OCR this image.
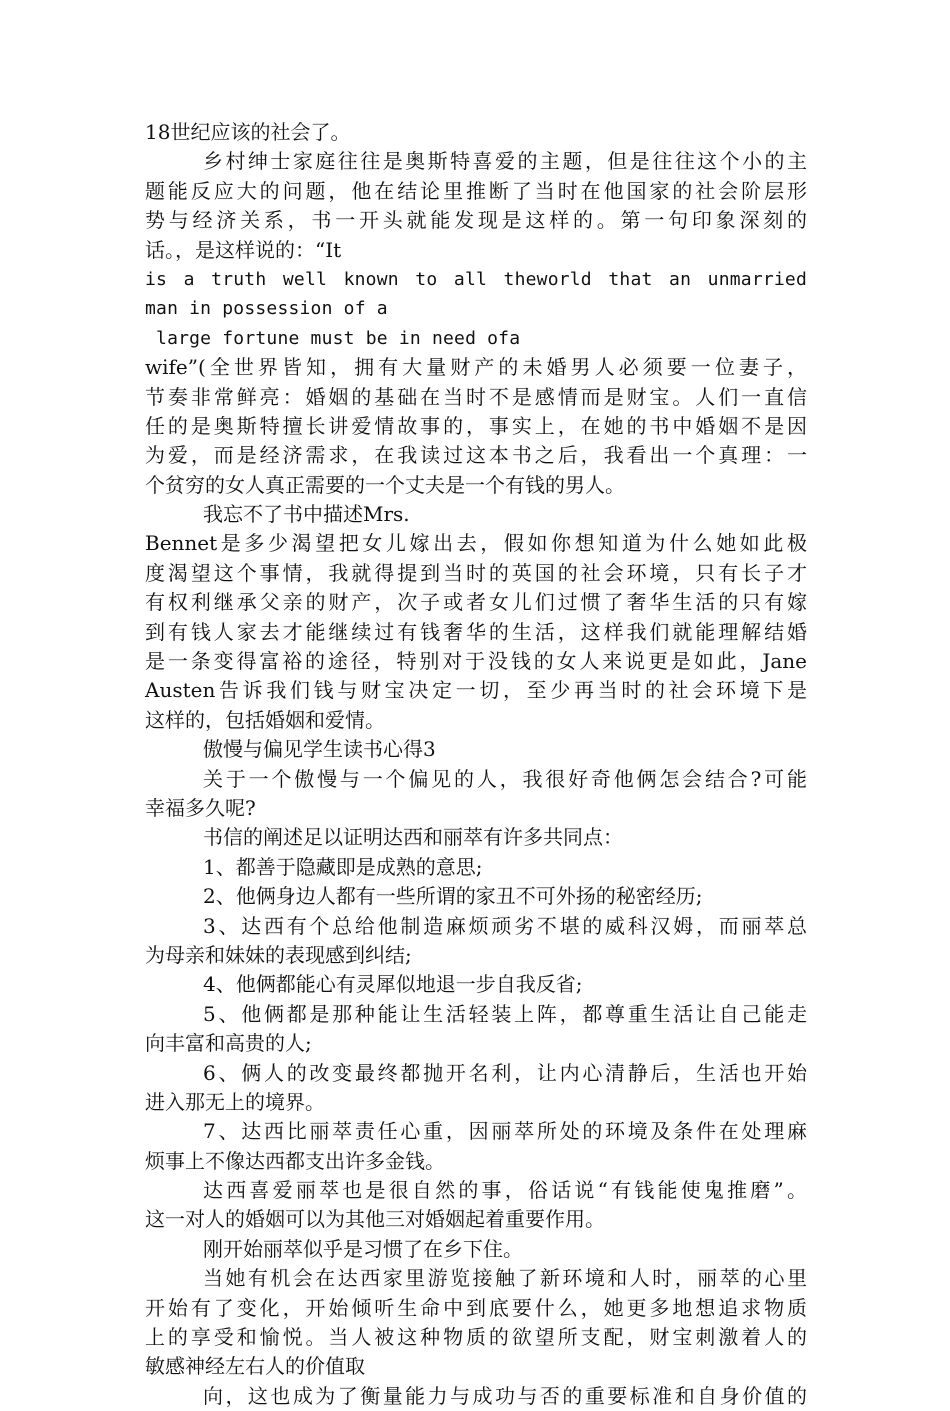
18世纪应该的社会了。
乡村绅士家庭往往是奥斯特喜爱的主题，但是往往这个小的主
题能反应大的问题，他在结论里推断了当时在他国家的社会阶层形
势与经济关系，书一开头就能发现是这样的。第一句印象深刻的
话。，是这样说的：“It
is a truth well known to all theworld that an unmarried
man in possession of a
large fortune must be in need ofa
wife”(全世界皆知，拥有大量财产的未婚男人必须要一位妻子，
节奏非常鲜亮：婚姻的基础在当时不是感情而是财宝。人们一直信
任的是奥斯特擅长讲爱情故事的，事实上，在她的书中婚姻不是因
为爱，而是经济需求，在我读过这本书之后，我看出一个真理：一
个贫穷的女人真正需要的一个丈夫是一个有钱的男人。
我忘不了书中描述Mrs.
Bennet是多少渴望把女儿嫁出去，假如你想知道为什么她如此极
度渴望这个事情，我就得提到当时的英国的社会环境，只有长子才
有权利继承父亲的财产，次子或者女儿们过惯了奢华生活的只有嫁
到有钱人家去才能继续过有钱奢华的生活，这样我们就能理解结婚
是一条变得富裕的途径，特别对于没钱的女人来说更是如此，Jane
Austen告诉我们钱与财宝决定一切，至少再当时的社会环境下是
这样的，包括婚姻和爱情。
傲慢与偏见学生读书心得3
关于一个傲慢与一个偏见的人，我很好奇他俩怎会结合?可能
幸福多久呢?
书信的阐述足以证明达西和丽萃有许多共同点：
1、都善于隐藏即是成熟的意思;
2、他俩身边人都有一些所谓的家丑不可外扬的秘密经历;
3、达西有个总给他制造麻烦顽劣不堪的威科汉姆，而丽萃总
为母亲和妹妹的表现感到纠结;
4、他俩都能心有灵犀似地退一步自我反省;
5、他俩都是那种能让生活轻装上阵，都尊重生活让自己能走
向丰富和高贵的人;
6、俩人的改变最终都抛开名利，让内心清静后，生活也开始
进入那无上的境界。
7、达西比丽萃责任心重，因丽萃所处的环境及条件在处理麻
烦事上不像达西都支出许多金钱。
达西喜爱丽萃也是很自然的事，俗话说“有钱能使鬼推磨”。
这一对人的婚姻可以为其他三对婚姻起着重要作用。
刚开始丽萃似乎是习惯了在乡下住。
当她有机会在达西家里游览接触了新环境和人时，丽萃的心里
开始有了变化，开始倾听生命中到底要什么，她更多地想追求物质
上的享受和愉悦。当人被这种物质的欲望所支配，财宝刺激着人的
敏感神经左右人的价值取
向，这也成为了衡量能力与成功与否的重要标准和自身价值的
